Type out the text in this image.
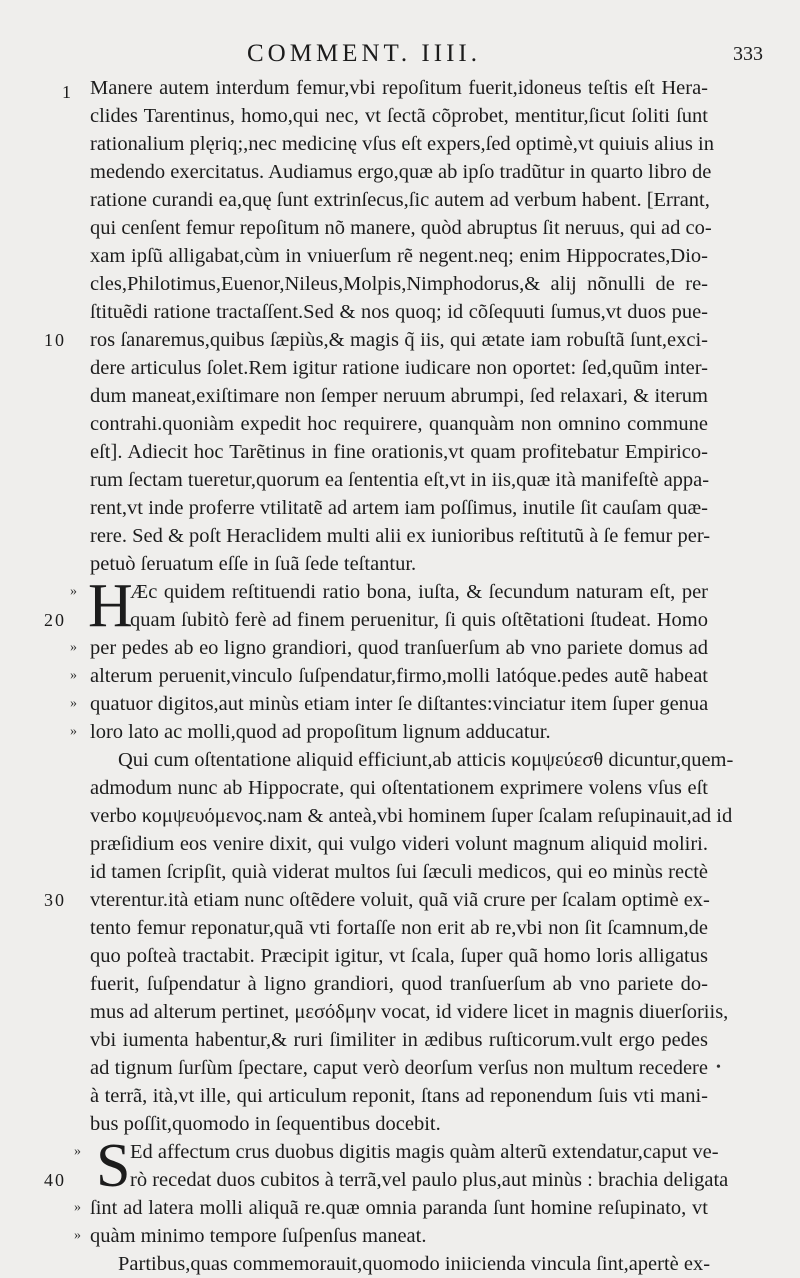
COMMENT. IIII.	333
Manere autem interdum femur,vbi repoſitum fuerit,idoneus teſtis eſt Hera-
clides Tarentinus, homo,qui nec, vt ſectã cõprobet, mentitur,ſicut ſoliti ſunt
rationalium plęriq;,nec medicinę vſus eſt expers,ſed optimè,vt quiuis alius in
medendo exercitatus. Audiamus ergo,quæ ab ipſo tradũtur in quarto libro de
ratione curandi ea,quę ſunt extrinſecus,ſic autem ad verbum habent. [Errant,
qui cenſent femur repoſitum nõ manere, quòd abruptus ſit neruus, qui ad co-
xam ipſũ alligabat,cùm in vniuerſum rẽ negent.neq; enim Hippocrates,Dio-
cles,Philotimus,Euenor,Nileus,Molpis,Nimphodorus,& alij nõnulli de re-
ſtituẽdi ratione tractaſſent.Sed & nos quoq; id cõſequuti ſumus,vt duos pue-
ros ſanaremus,quibus ſæpiùs,& magis q̃ iis, qui ætate iam robuſtã ſunt,exci-
dere articulus ſolet.Rem igitur ratione iudicare non oportet: ſed,quũm inter-
dum maneat,exiſtimare non ſemper neruum abrumpi, ſed relaxari, & iterum
contrahi.quoniàm expedit hoc requirere, quanquàm non omnino commune
eſt]. Adiecit hoc Tarẽtinus in fine orationis,vt quam profitebatur Empirico-
rum ſectam tueretur,quorum ea ſententia eſt,vt in iis,quæ ità manifeſtè appa-
rent,vt inde proferre vtilitatẽ ad artem iam poſſimus, inutile ſit cauſam quæ-
rere. Sed & poſt Heraclidem multi alii ex iunioribus reſtitutũ à ſe femur per-
petuò ſeruatum eſſe in ſuã ſede teſtantur.
H
Æc quidem reſtituendi ratio bona, iuſta, & ſecundum naturam eſt, per
quam ſubitò ferè ad finem peruenitur, ſi quis oſtẽtationi ſtudeat. Homo
per pedes ab eo ligno grandiori, quod tranſuerſum ab vno pariete domus ad
alterum peruenit,vinculo ſuſpendatur,firmo,molli latóque.pedes autẽ habeat
quatuor digitos,aut minùs etiam inter ſe diſtantes:vinciatur item ſuper genua
loro lato ac molli,quod ad propoſitum lignum adducatur.
Qui cum oſtentatione aliquid efficiunt,ab atticis κομψεύεσθ dicuntur,quem-
admodum nunc ab Hippocrate, qui oſtentationem exprimere volens vſus eſt
verbo κομψευόμενος.nam & anteà,vbi hominem ſuper ſcalam reſupinauit,ad id
præſidium eos venire dixit, qui vulgo videri volunt magnum aliquid moliri.
id tamen ſcripſit, quià viderat multos ſui ſæculi medicos, qui eo minùs rectè
vterentur.ità etiam nunc oſtẽdere voluit, quã viã crure per ſcalam optimè ex-
tento femur reponatur,quã vti fortaſſe non erit ab re,vbi non ſit ſcamnum,de
quo poſteà tractabit. Præcipit igitur, vt ſcala, ſuper quã homo loris alligatus
fuerit, ſuſpendatur à ligno grandiori, quod tranſuerſum ab vno pariete do-
mus ad alterum pertinet, μεσόδμην vocat, id videre licet in magnis diuerſoriis,
vbi iumenta habentur,& ruri ſimiliter in ædibus ruſticorum.vult ergo pedes
ad tignum ſurſùm ſpectare, caput verò deorſum verſus non multum recedere
à terrã, ità,vt ille, qui articulum reponit, ſtans ad reponendum ſuis vti mani-
bus poſſit,quomodo in ſequentibus docebit.
S Ed affectum crus duobus digitis magis quàm alterũ extendatur,caput ve-
rò recedat duos cubitos à terrã,vel paulo plus,aut minùs : brachia deligata
ſint ad latera molli aliquã re.quæ omnia paranda ſunt homine reſupinato, vt
quàm minimo tempore ſuſpenſus maneat.
Partibus,quas commemorauit,quomodo iniicienda vincula ſint,apertè ex-
1
10
20
30
40
»
»
»
»
»
»
»
»
•
